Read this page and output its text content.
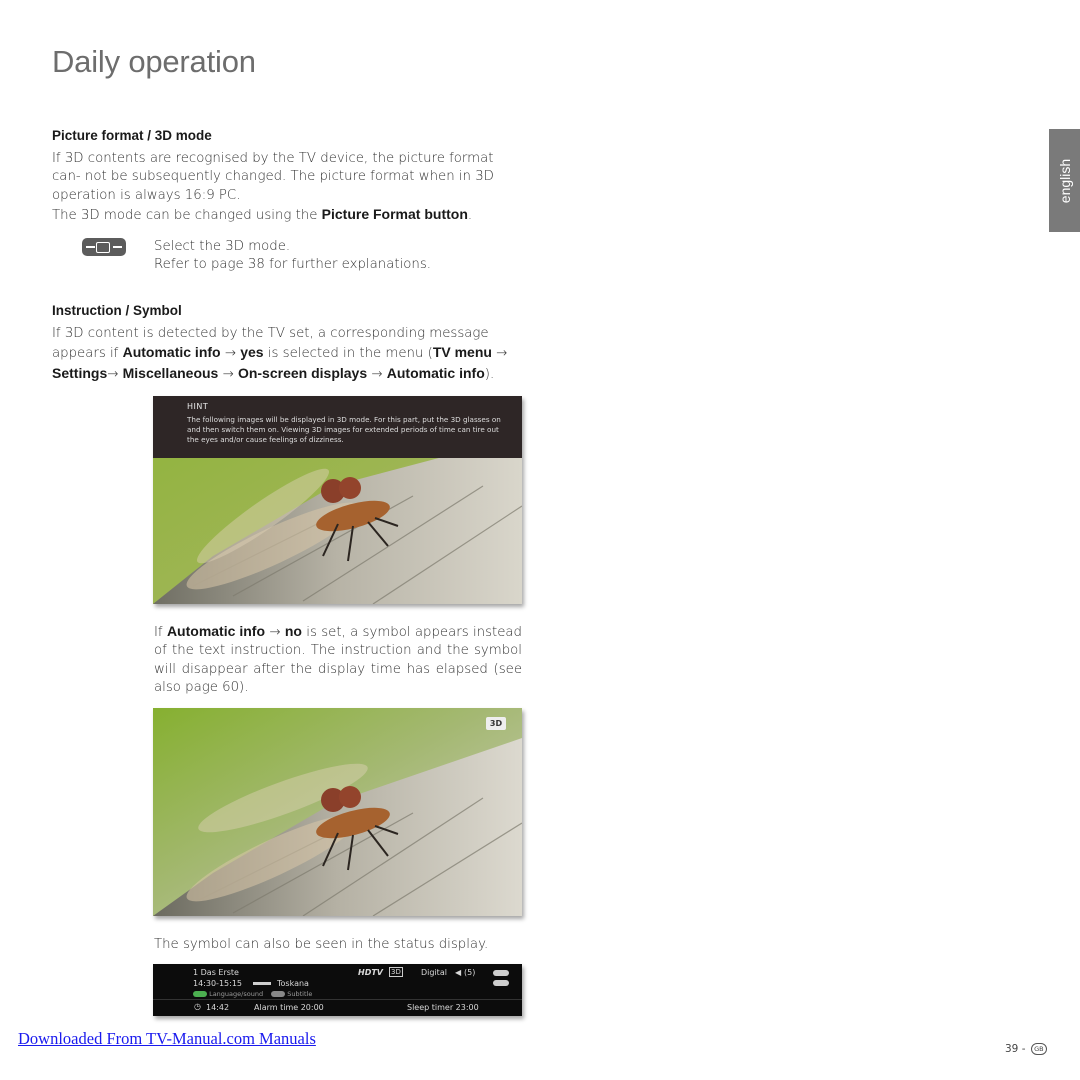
Daily operation
english
Picture format / 3D mode

If 3D contents are recognised by the TV device, the picture format can- not be subsequently changed. The picture format when in 3D operation is always 16:9 PC.

The 3D mode can be changed using the Picture Format button.

Select the 3D mode.

Refer to page 38 for further explanations.

Instruction / Symbol

If 3D content is detected by the TV set, a corresponding message appears if Automatic info → yes is selected in the menu (TV menu → Settings→ Miscellaneous → On-screen displays → Automatic info).

HINT
The following images will be displayed in 3D mode. For this part, put the 3D glasses on and then switch them on. Viewing 3D images for extended periods of time can tire out the eyes and/or cause feelings of dizziness.

If Automatic info → no is set, a symbol appears instead of the text instruction. The instruction and the symbol will disappear after the display time has elapsed (see also page 60).

3D
The symbol can also be seen in the status display.
1 Das Erste	HDTV 3D	Digital ◀ (5)
14:30-15:15	Toskana
Language/sound	Subtitle
◷ 14:42	Alarm time 20:00	Sleep timer 23:00
Downloaded From TV-Manual.com Manuals
39 - GB
